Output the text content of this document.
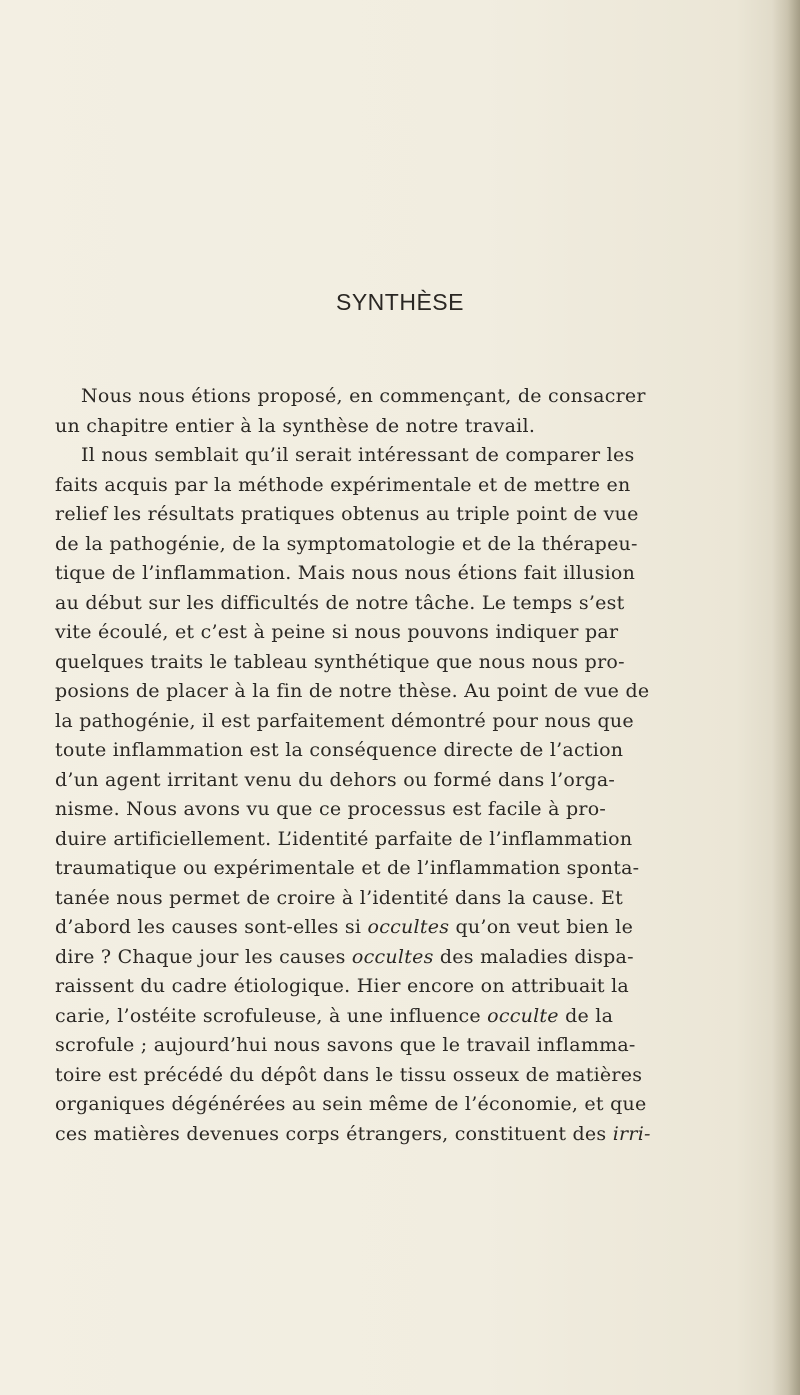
SYNTHÈSE
Nous nous étions proposé, en commençant, de consacrer
un chapitre entier à la synthèse de notre travail.
Il nous semblait qu’il serait intéressant de comparer les
faits acquis par la méthode expérimentale et de mettre en
relief les résultats pratiques obtenus au triple point de vue
de la pathogénie, de la symptomatologie et de la thérapeu-
tique de l’inflammation. Mais nous nous étions fait illusion
au début sur les difficultés de notre tâche. Le temps s’est
vite écoulé, et c’est à peine si nous pouvons indiquer par
quelques traits le tableau synthétique que nous nous pro-
posions de placer à la fin de notre thèse. Au point de vue de
la pathogénie, il est parfaitement démontré pour nous que
toute inflammation est la conséquence directe de l’action
d’un agent irritant venu du dehors ou formé dans l’orga-
nisme. Nous avons vu que ce processus est facile à pro-
duire artificiellement. L’identité parfaite de l’inflammation
traumatique ou expérimentale et de l’inflammation sponta-
tanée nous permet de croire à l’identité dans la cause. Et
d’abord les causes sont-elles si occultes qu’on veut bien le
dire ? Chaque jour les causes occultes des maladies dispa-
raissent du cadre étiologique. Hier encore on attribuait la
carie, l’ostéite scrofuleuse, à une influence occulte de la
scrofule ; aujourd’hui nous savons que le travail inflamma-
toire est précédé du dépôt dans le tissu osseux de matières
organiques dégénérées au sein même de l’économie, et que
ces matières devenues corps étrangers, constituent des irri-
